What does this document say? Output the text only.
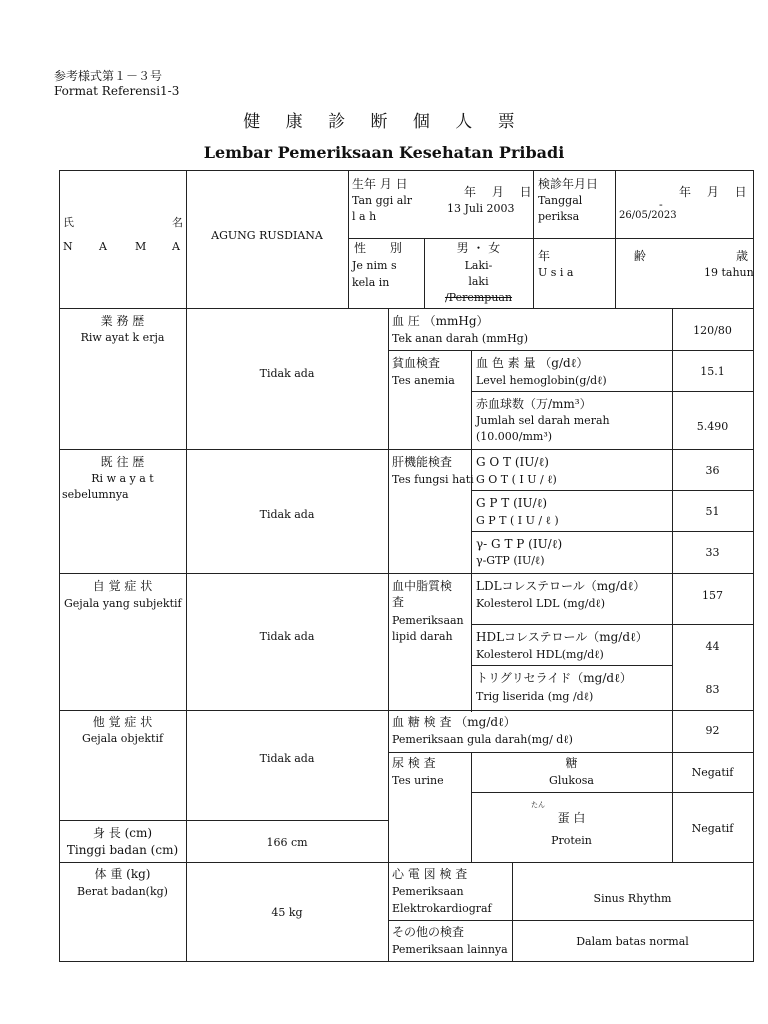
参考様式第１－３号
Format Referensi1-3
健 康 診 断 個 人 票
Lembar Pemeriksaan Kesehatan Pribadi
氏	名
N A	M A
AGUNG RUSDIANA
生年 月 日
Tan ggi alr
l a h
年 月 日
13 Juli 2003
検診年月日
Tanggal
periksa
年 月 日
-
26/05/2023
性 別
Je nim s
kela in
男 ・ 女
Laki-
laki
/Perempuan
年 齢
U s i a
歳
19 tahun
業 務 歴
Riw ayat k erja
Tidak ada
既 往 歴
Ri w a y a t
sebelumnya
Tidak ada
自 覚 症 状
Gejala yang subjektif
Tidak ada
他 覚 症 状
Gejala objektif
Tidak ada
身 長 (cm)
Tinggi badan (cm)
166 cm
体 重 (kg)
Berat badan(kg)
45 kg
血 圧 （mmHg）
Tek anan darah (mmHg)
120/80
貧血検査
Tes anemia
血 色 素 量 （g/dℓ）
Level hemoglobin(g/dℓ)
15.1
赤血球数（万/mm³）
Jumlah sel darah merah
(10.000/mm³)
5.490
肝機能検査
Tes fungsi hati
G O T (IU/ℓ)
G O T ( I U / ℓ)
36
G P T (IU/ℓ)
G P T ( I U / ℓ )
51
γ- G T P (IU/ℓ)
γ-GTP (IU/ℓ)
33
血中脂質検
査
Pemeriksaan
lipid darah
LDLコレステロール（mg/dℓ）
Kolesterol LDL (mg/dℓ)
157
HDLコレステロール（mg/dℓ）
Kolesterol HDL(mg/dℓ)
44
トリグリセライド（mg/dℓ）
Trig liserida (mg /dℓ)
83
血 糖 検 査 （mg/dℓ）
Pemeriksaan gula darah(mg/ dℓ)
92
尿 検 査
Tes urine
糖
Glukosa
Negatif
たん
蛋 白
Protein
Negatif
心 電 図 検 査
Pemeriksaan
Elektrokardiograf
Sinus Rhythm
その他の検査
Pemeriksaan lainnya
Dalam batas normal
